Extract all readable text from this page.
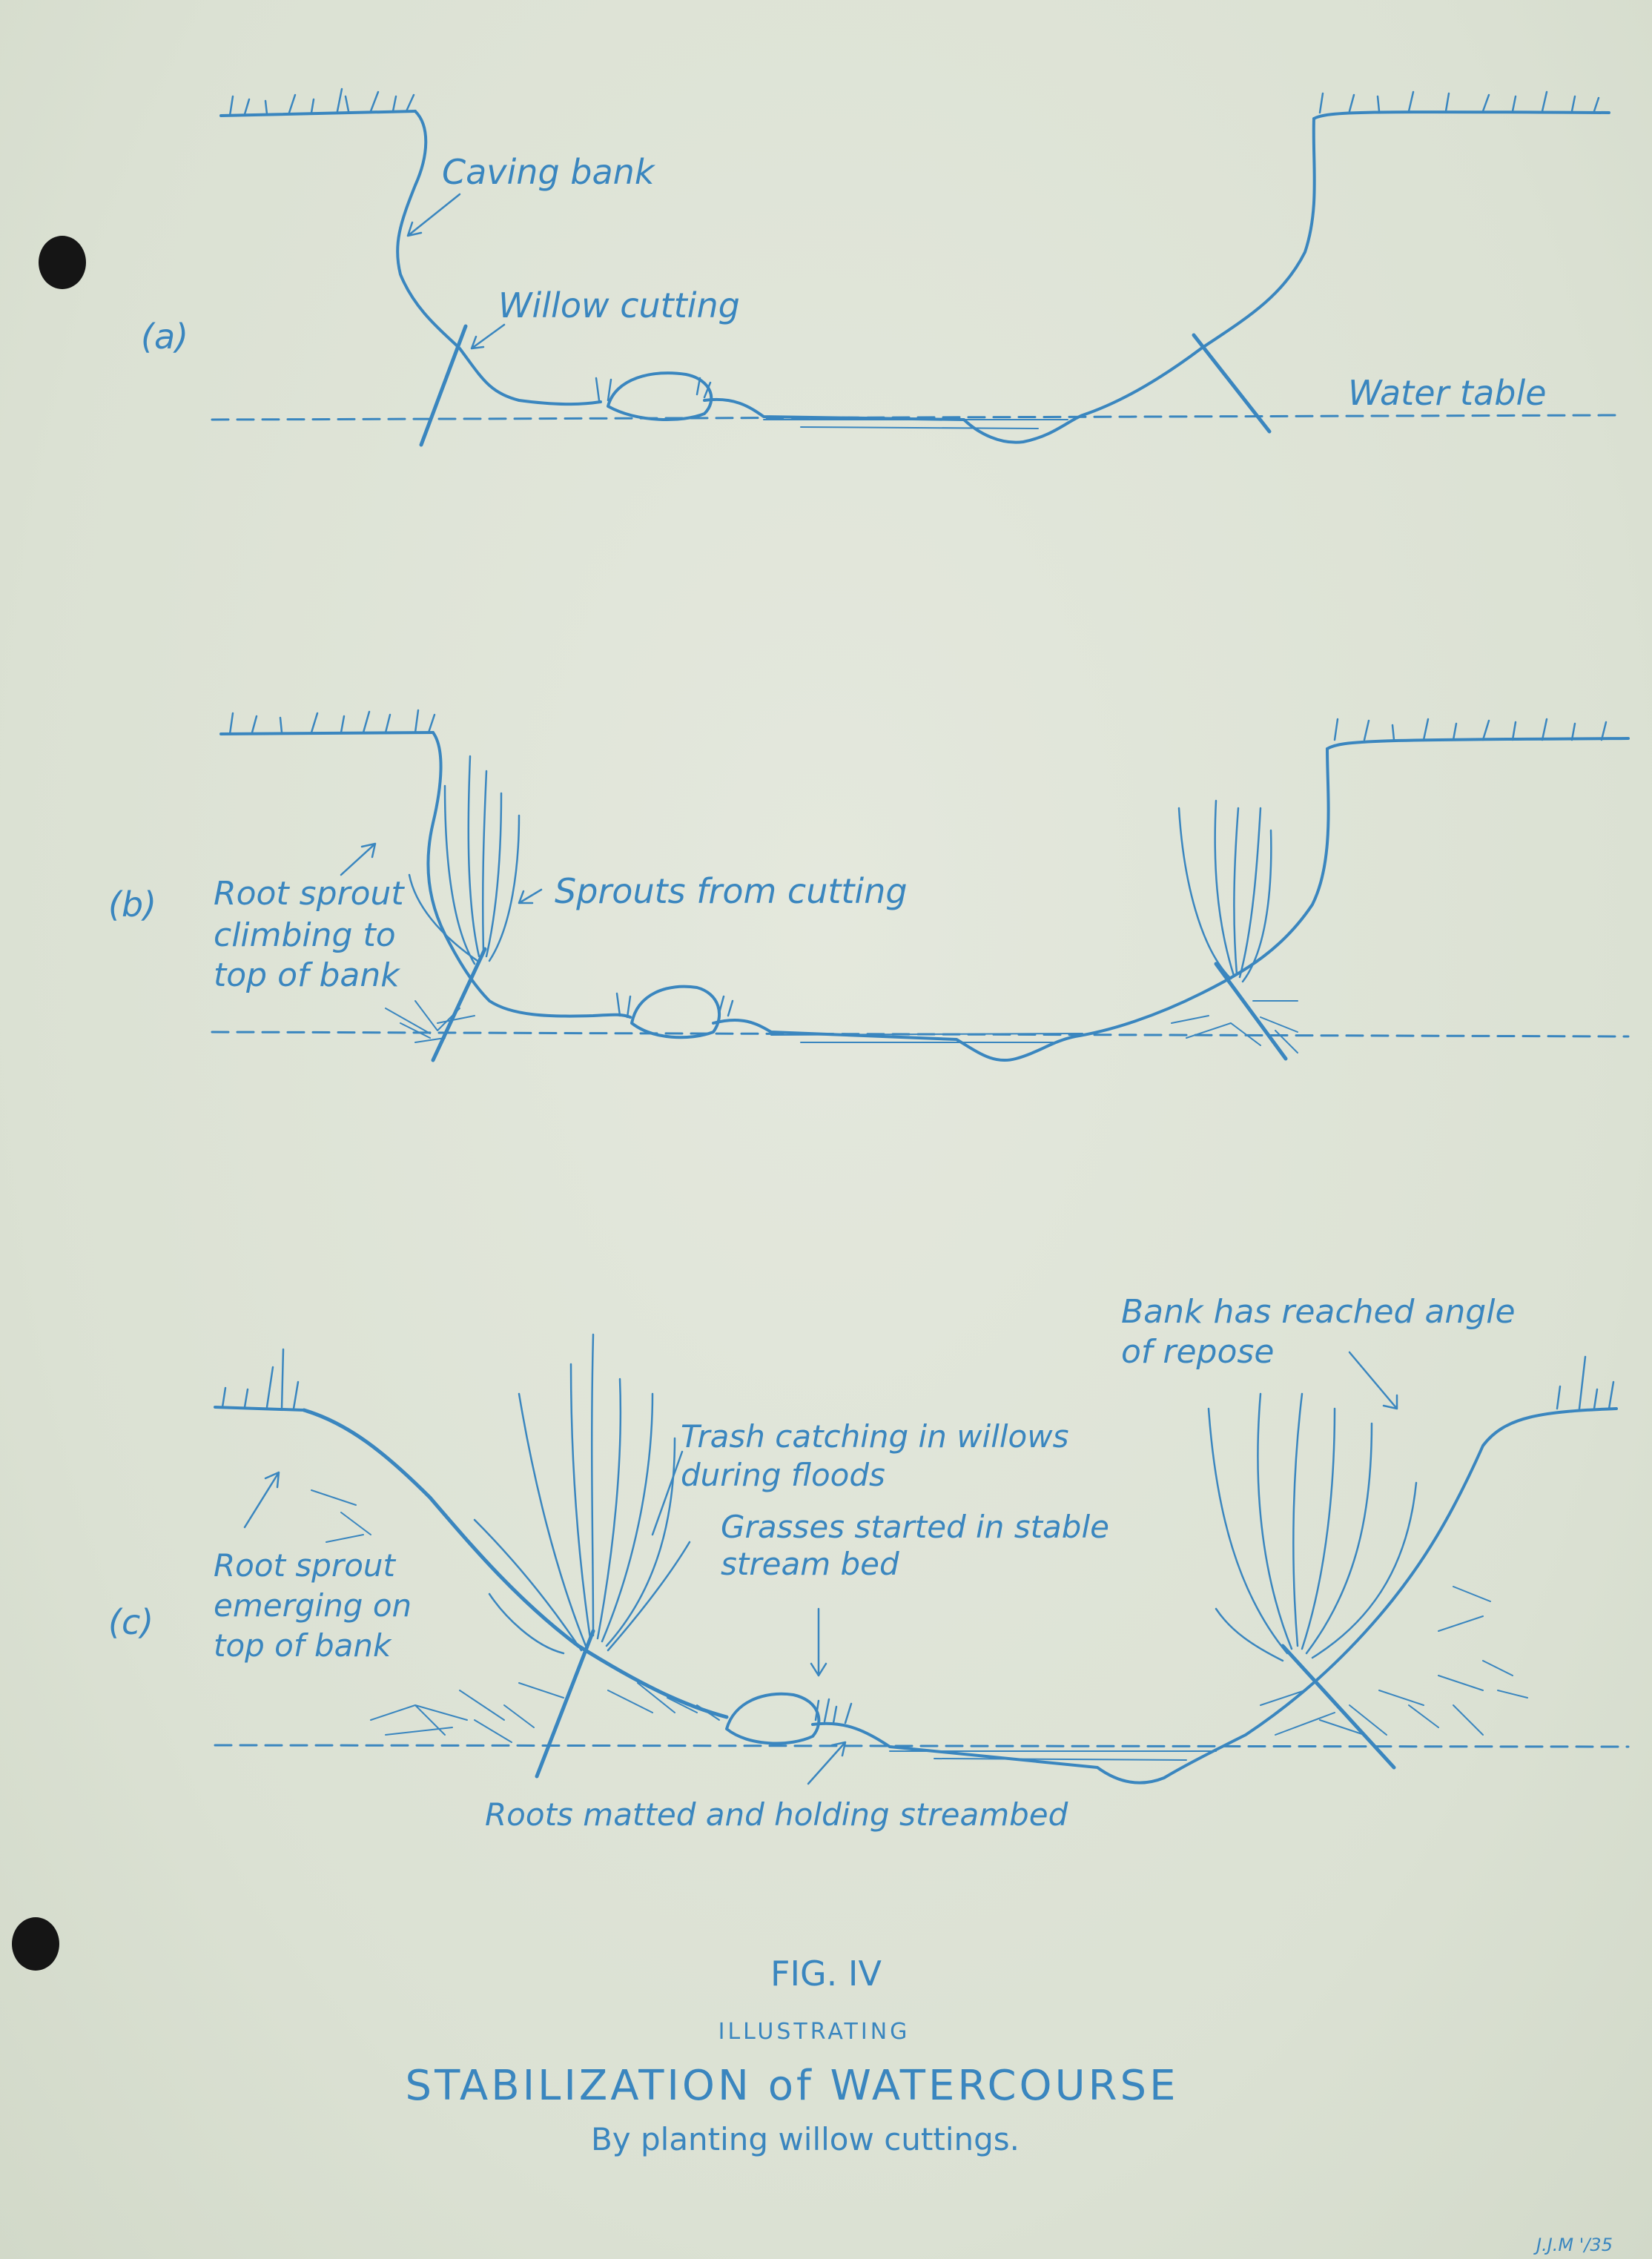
(a)
Caving bank
Willow cutting
Water table
(b) Root sprout
climbing to
top of bank
Sprouts from cutting
(c)
Bank has reached angle
of repose
Trash catching in willows
during floods
Grasses started in stable
stream bed
Root sprout
emerging on
top of bank
Roots matted and holding streambed
FIG. IV
ILLUSTRATING
STABILIZATION of WATERCOURSE
By planting willow cuttings.
J.J.M '/35
